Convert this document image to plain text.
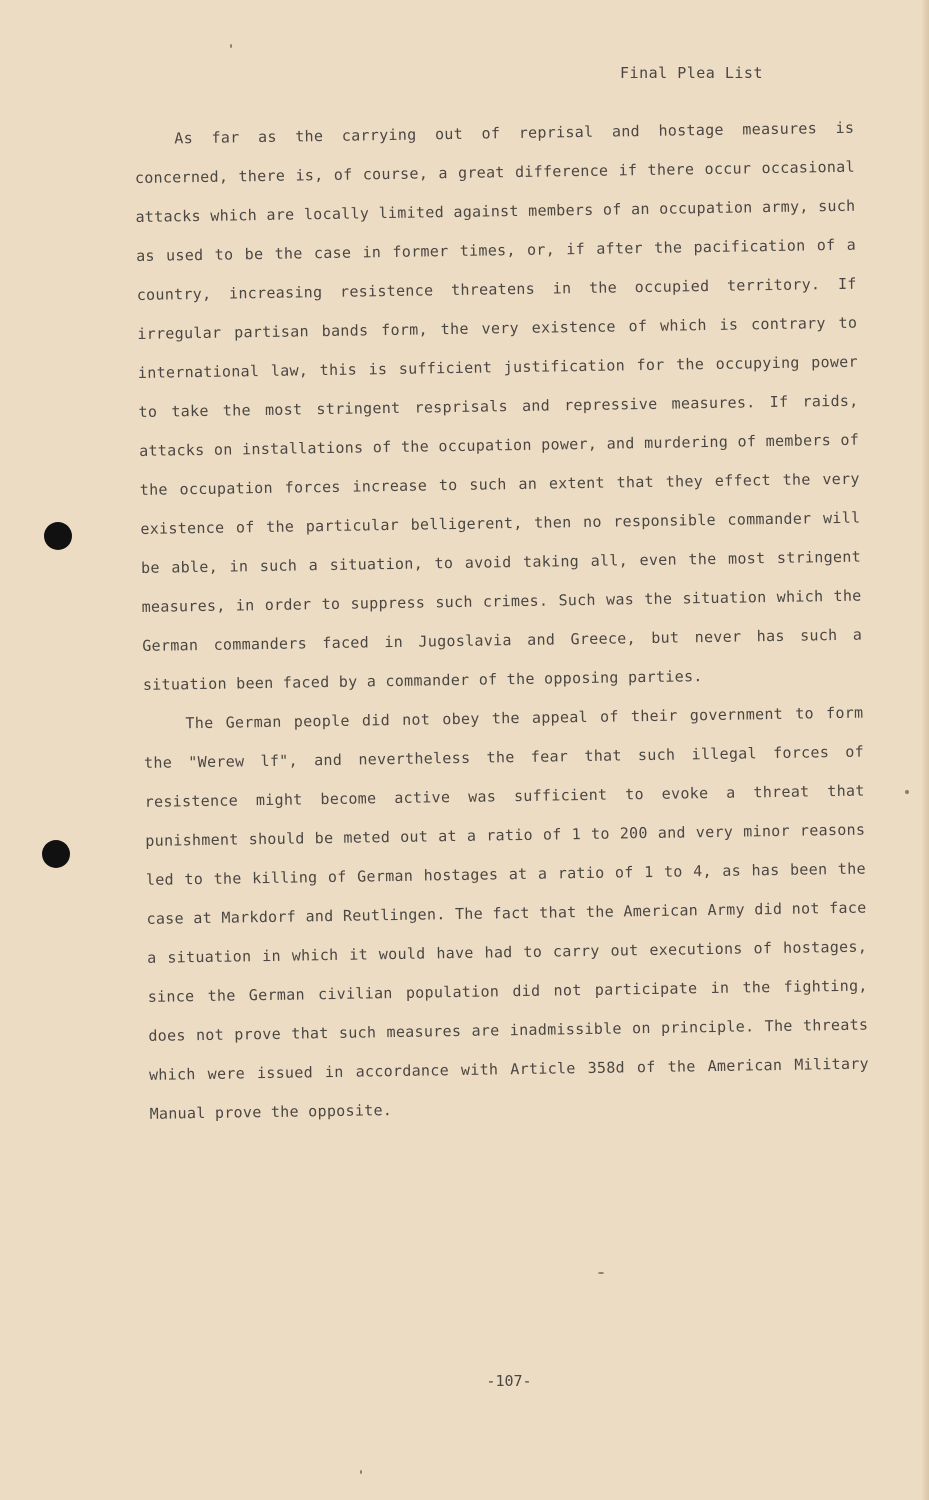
Final Plea List

As far as the carrying out of reprisal and hostage measures is concerned, there is, of course, a great difference if there occur occasional attacks which are locally limited against members of an occupation army, such as used to be the case in former times, or, if after the pacification of a country, increasing resistence threatens in the occupied territory. If irregular partisan bands form, the very existence of which is contrary to international law, this is sufficient justification for the occupying power to take the most stringent resprisals and repressive measures. If raids, attacks on installations of the occupation power, and murdering of members of the occupation forces increase to such an extent that they effect the very existence of the particular belligerent, then no responsible commander will be able, in such a situation, to avoid taking all, even the most stringent measures, in order to suppress such crimes. Such was the situation which the German commanders faced in Jugoslavia and Greece, but never has such a situation been faced by a commander of the opposing parties.

The German people did not obey the appeal of their government to form the "Werew lf", and nevertheless the fear that such illegal forces of resistence might become active was sufficient to evoke a threat that punishment should be meted out at a ratio of 1 to 200 and very minor reasons led to the killing of German hostages at a ratio of 1 to 4, as has been the case at Markdorf and Reutlingen. The fact that the American Army did not face a situation in which it would have had to carry out executions of hostages, since the German civilian population did not participate in the fighting, does not prove that such measures are inadmissible on principle. The threats which were issued in accordance with Article 358d of the American Military Manual prove the opposite.

-107-
